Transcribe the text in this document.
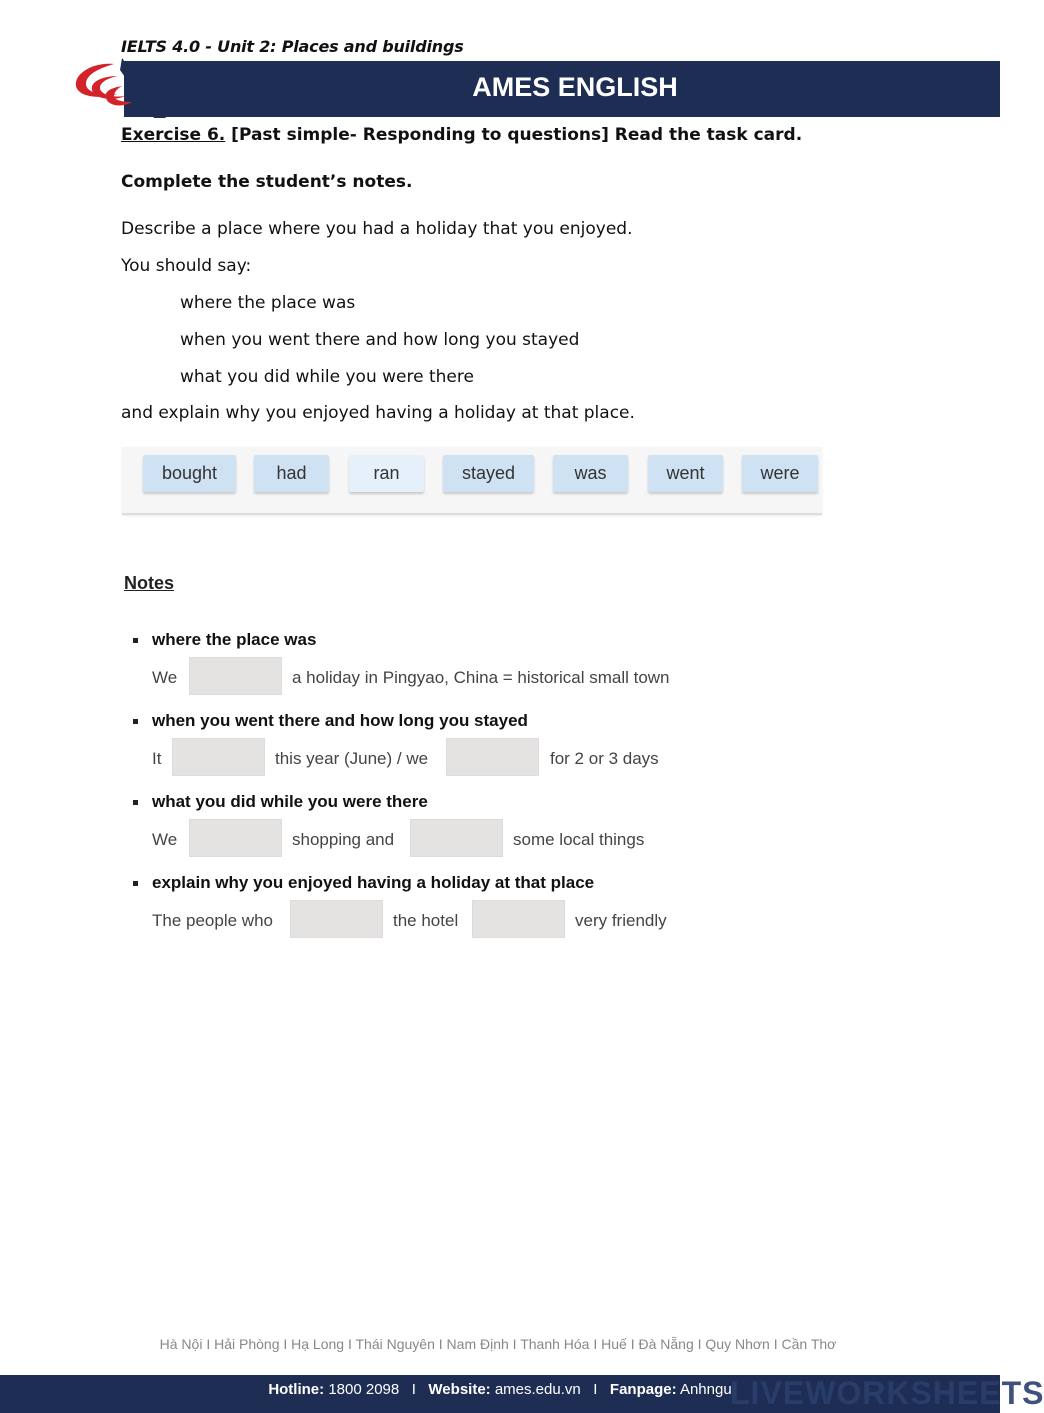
IELTS 4.0 - Unit 2: Places and buildings
AMES ENGLISH
Exercise 6. [Past simple- Responding to questions] Read the task card.
Complete the student’s notes.
Describe a place where you had a holiday that you enjoyed.
You should say:
where the place was
when you went there and how long you stayed
what you did while you were there
and explain why you enjoyed having a holiday at that place.
bought	had	ran	stayed	was	went	were
Notes
where the place was
We	a holiday in Pingyao, China = historical small town
when you went there and how long you stayed
It	this year (June) / we	for 2 or 3 days
what you did while you were there
We	shopping and	some local things
explain why you enjoyed having a holiday at that place
The people who	the hotel	very friendly
Hà Nội I Hải Phòng I Hạ Long I Thái Nguyên I Nam Định I Thanh Hóa I Huế I Đà Nẵng I Quy Nhơn I Cần Thơ
Hotline: 1800 2098 I Website: ames.edu.vn I Fanpage: Anhngu
LIVEWORKSHEETS
